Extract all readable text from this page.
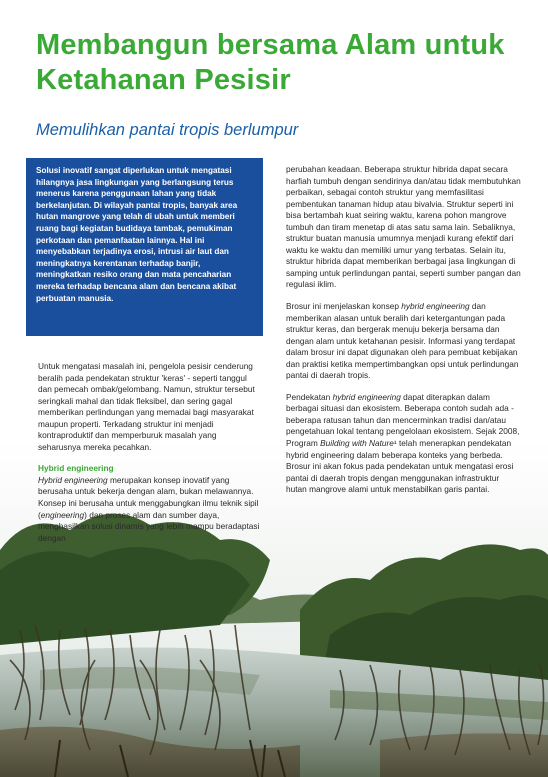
Membangun bersama Alam untuk Ketahanan Pesisir

Memulihkan pantai tropis berlumpur

Solusi inovatif sangat diperlukan untuk mengatasi hilangnya jasa lingkungan yang berlangsung terus menerus karena penggunaan lahan yang tidak berkelanjutan. Di wilayah pantai tropis, banyak area hutan mangrove yang telah di ubah untuk memberi ruang bagi kegiatan budidaya tambak, pemukiman perkotaan dan pemanfaatan lainnya. Hal ini menyebabkan terjadinya erosi, intrusi air laut dan meningkatnya kerentanan terhadap banjir, meningkatkan resiko orang dan mata pencaharian mereka terhadap bencana alam dan bencana akibat perbuatan manusia.

Untuk mengatasi masalah ini, pengelola pesisir cenderung beralih pada pendekatan struktur 'keras' - seperti tanggul dan pemecah ombak/gelombang. Namun, struktur tersebut seringkali mahal dan tidak fleksibel, dan sering gagal memberikan perlindungan yang memadai bagi masyarakat maupun properti. Terkadang struktur ini menjadi kontraproduktif dan memperburuk masalah yang seharusnya mereka pecahkan.

Hybrid engineering

Hybrid engineering merupakan konsep inovatif yang berusaha untuk bekerja dengan alam, bukan melawannya. Konsep ini berusaha untuk menggabungkan ilmu teknik sipil (engineering) dan proses alam dan sumber daya, menghasilkan solusi dinamis yang lebih mampu beradaptasi dengan

perubahan keadaan. Beberapa struktur hibrida dapat secara harfiah tumbuh dengan sendirinya dan/atau tidak membutuhkan perbaikan, sebagai contoh struktur yang memfasilitasi pembentukan tanaman hidup atau bivalvia. Struktur seperti ini bisa bertambah kuat seiring waktu, karena pohon mangrove tumbuh dan tiram menetap di atas satu sama lain. Sebaliknya, struktur buatan manusia umumnya menjadi kurang efektif dari waktu ke waktu dan memiliki umur yang terbatas. Selain itu, struktur hibrida dapat memberikan berbagai jasa lingkungan di samping untuk perlindungan pantai, seperti sumber pangan dan regulasi iklim.

Brosur ini menjelaskan konsep hybrid engineering dan memberikan alasan untuk beralih dari ketergantungan pada struktur keras, dan bergerak menuju bekerja bersama dan dengan alam untuk ketahanan pesisir. Informasi yang terdapat dalam brosur ini dapat digunakan oleh para pembuat kebijakan dan praktisi ketika mempertimbangkan opsi untuk perlindungan pantai di daerah tropis.

Pendekatan hybrid engineering dapat diterapkan dalam berbagai situasi dan ekosistem. Beberapa contoh sudah ada - beberapa ratusan tahun dan mencerminkan tradisi dan/atau pengetahuan lokal tentang pengelolaan ekosistem. Sejak 2008, Program Building with Nature¹ telah menerapkan pendekatan hybrid engineering dalam beberapa konteks yang berbeda. Brosur ini akan fokus pada pendekatan untuk mengatasi erosi pantai di daerah tropis dengan menggunakan infrastruktur hutan mangrove alami untuk menstabilkan garis pantai.
